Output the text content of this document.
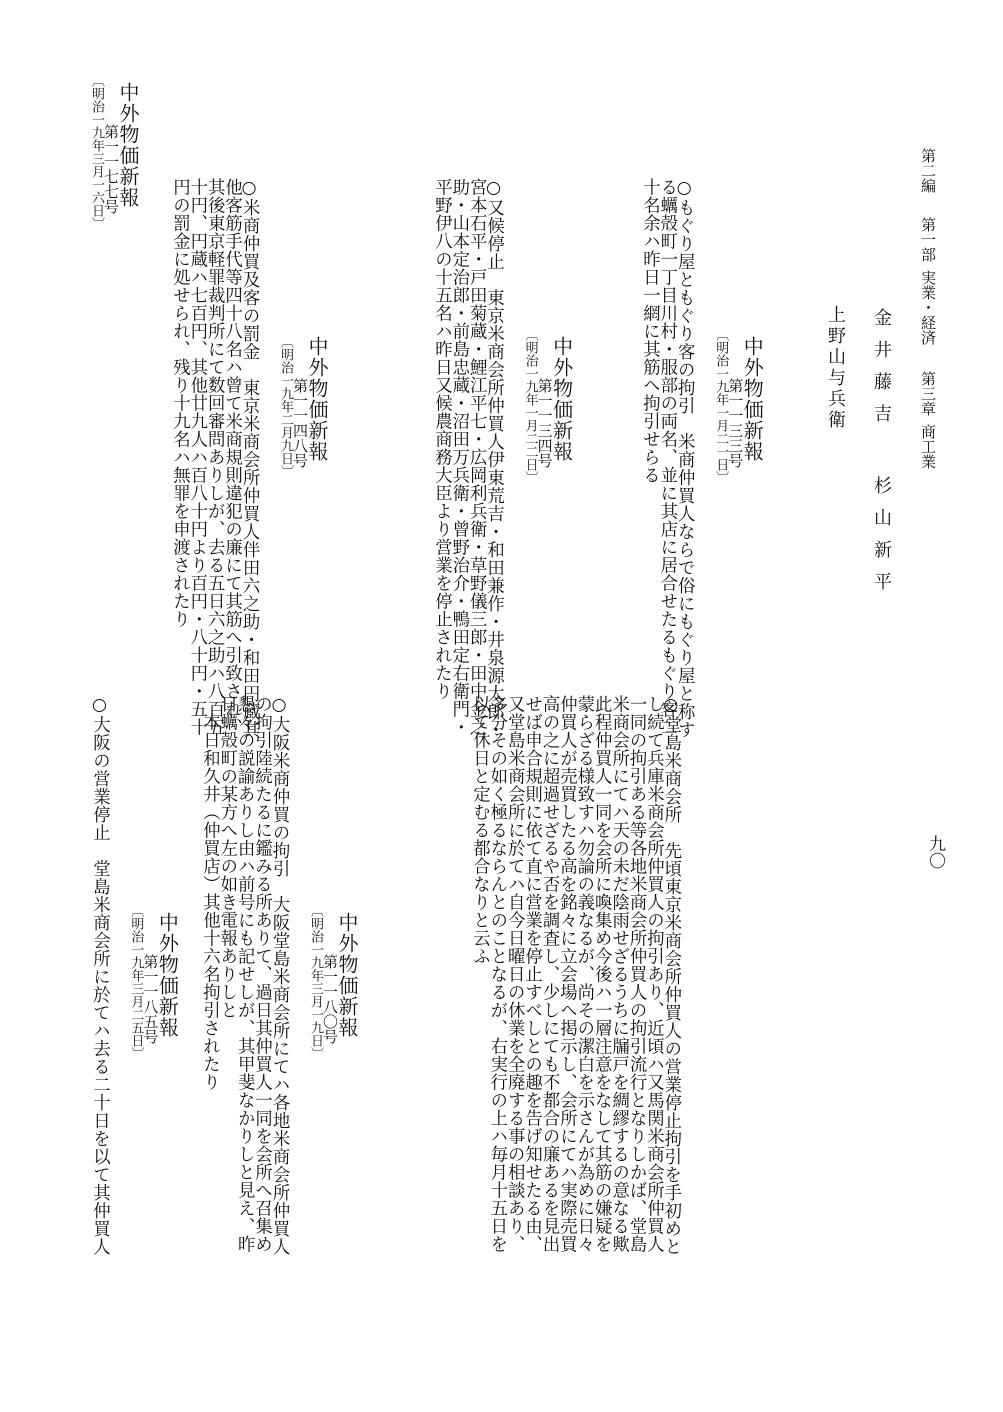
第二編第一部実業・経済第三章商工業
九〇
金井藤吉杉山新平
上野山与兵衛
中外物価新報
第一一三三号
〔明治一九年一月二一日〕
○もぐり屋ともぐり客の拘引　米商仲買人ならで俗にもぐり屋と称す
る蠣殻町一丁目川村・服部の両名、並に其店に居合せたるもぐり客二
十名余ハ昨日一網に其筋へ拘引せらる
中外物価新報
第一一三四号
〔明治一九年一月二二日〕
○又候停止　東京米商会所仲買人伊東荒吉・和田兼作・井泉源太郎・
宮本石平・戸田菊蔵・鯉江平七・広岡利兵衛・草野儀三郎・田中金之
助・山本定治郎・前島忠蔵・沼田万兵衛・曾野治介・鴨田定右衛門・
平野伊八の十五名ハ昨日又候農商務大臣より営業を停止されたり
中外物価新報
第一一四八号
〔明治一九年二月九日〕
○米商仲買及客の罰金　東京米商会所仲買人伴田六之助・和田円蔵其
他客筋手代等四十八名ハ曾て米商規則違犯の廉にて其筋へ引致され、
其後東京軽罪裁判所にて数回審問ありしが、去る五日六之助ハ八百五
十円、円蔵ハ七百円、其他廿九人ハ百八十円より百円・八十円・五十
円の罰金に処せられ、残り十九名ハ無罪を申渡されたり
中外物価新報
第一一七七号
〔明治一九年三月一六日〕
○堂島米商会所　先頃東京米商会所仲買人の営業停止拘引を手初めと
し続て兵庫米商会所仲買人の拘引あり、近頃ハ又馬関米商会所仲買人
一同の拘引ある等各地米商会所仲買人の拘引流行となりしかば、堂島
米商会所にてハ天の未だ陰雨せざるうちに牖戸を綢繆するの意なる歟
此程仲買人一同を会所に喚集め今後ハ一層注意をなして其筋の嫌疑を
蒙らざる様致すハ勿論の義なるが、尚その潔白を示さんが為めに日々
仲買人が売買したる高を銘々に立会場へ掲示し、会所にてハ実際売買
高の之に超過せざるや否を調査し、少しにても不都合の廉あるを見出
せば申合規則に依て直に営業を停止すべしとの趣を告げ知せたる由、
又堂島米商会所に於てハ自今日曜日の休業を全廃する事の相談あり、
多分その如く極るならんとのことなるが、右実行の上ハ毎月十五日を
以て休日と定むる都合なりと云ふ
中外物価新報
第一一八〇号
〔明治一九年三月一九日〕
○大阪米商仲買の拘引　大阪堂島米商会所にてハ各地米商会所仲買人
の拘引陸続たるに鑑みる所ありて、過日其仲買人一同を会所へ召集め
懇々の説諭ありし由ハ前号にも記せしが、其甲斐なかりしと見え、昨
日蠣殻町の某方へ左の如き電報ありしと
　本日和久井（仲買店）其他十六名拘引されたり
中外物価新報
第一一八五号
〔明治一九年三月二五日〕
○大阪の営業停止　堂島米商会所に於てハ去る二十日を以て其仲買人
